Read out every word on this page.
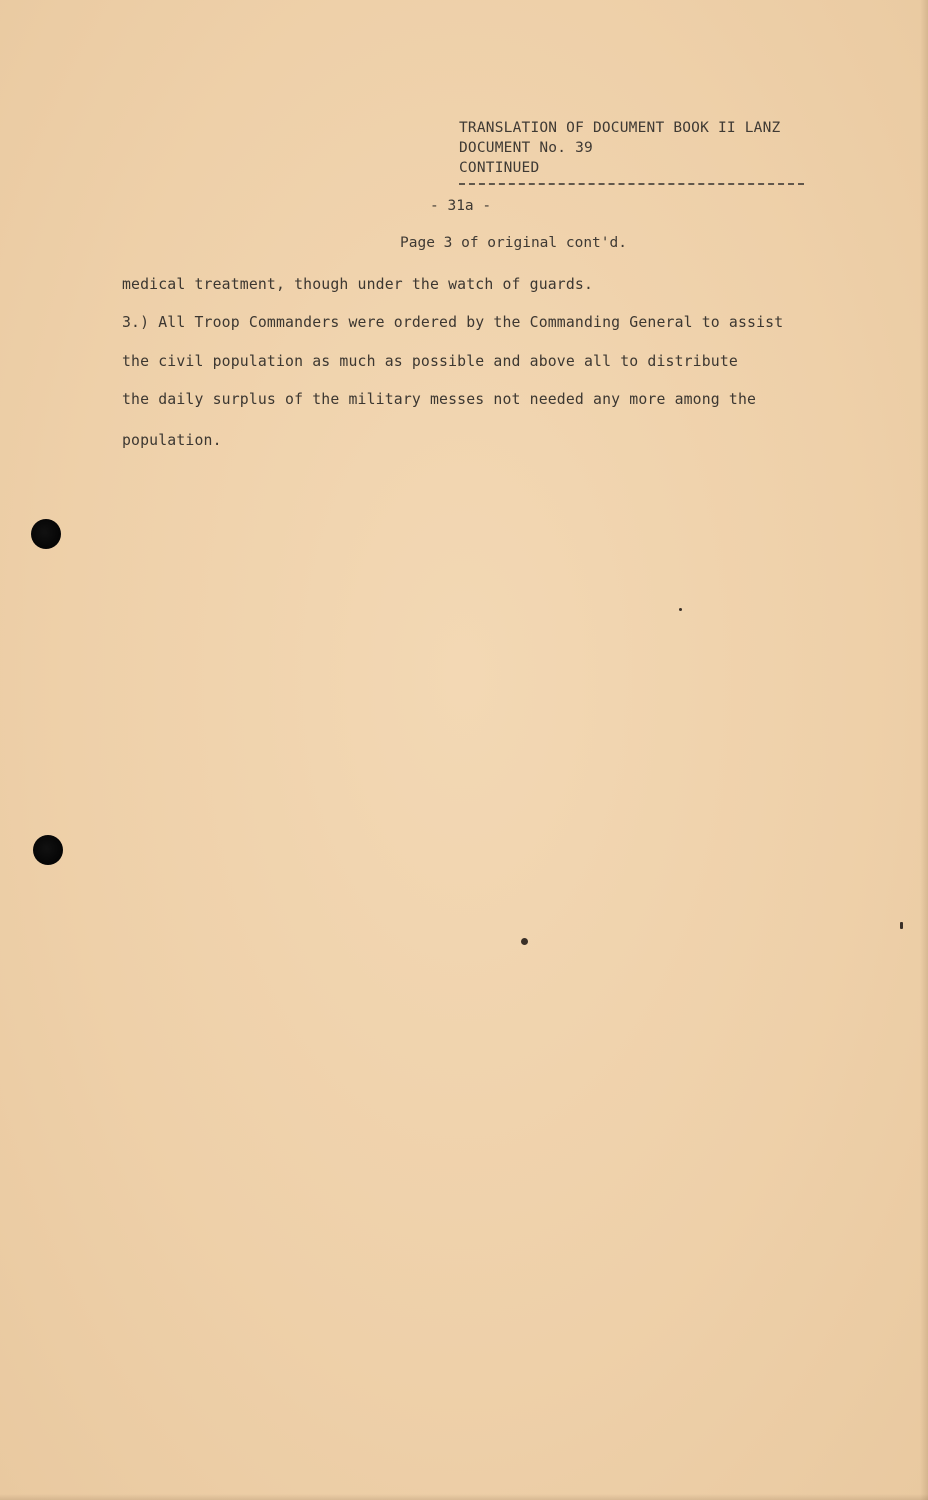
TRANSLATION OF DOCUMENT BOOK II LANZ
DOCUMENT No. 39
CONTINUED
- 31a -
Page 3 of original cont'd.
medical treatment, though under the watch of guards.
3.) All Troop Commanders were ordered by the Commanding General to assist
the civil population as much as possible and above all to distribute
the daily surplus of the military messes not needed any more among the
population.
